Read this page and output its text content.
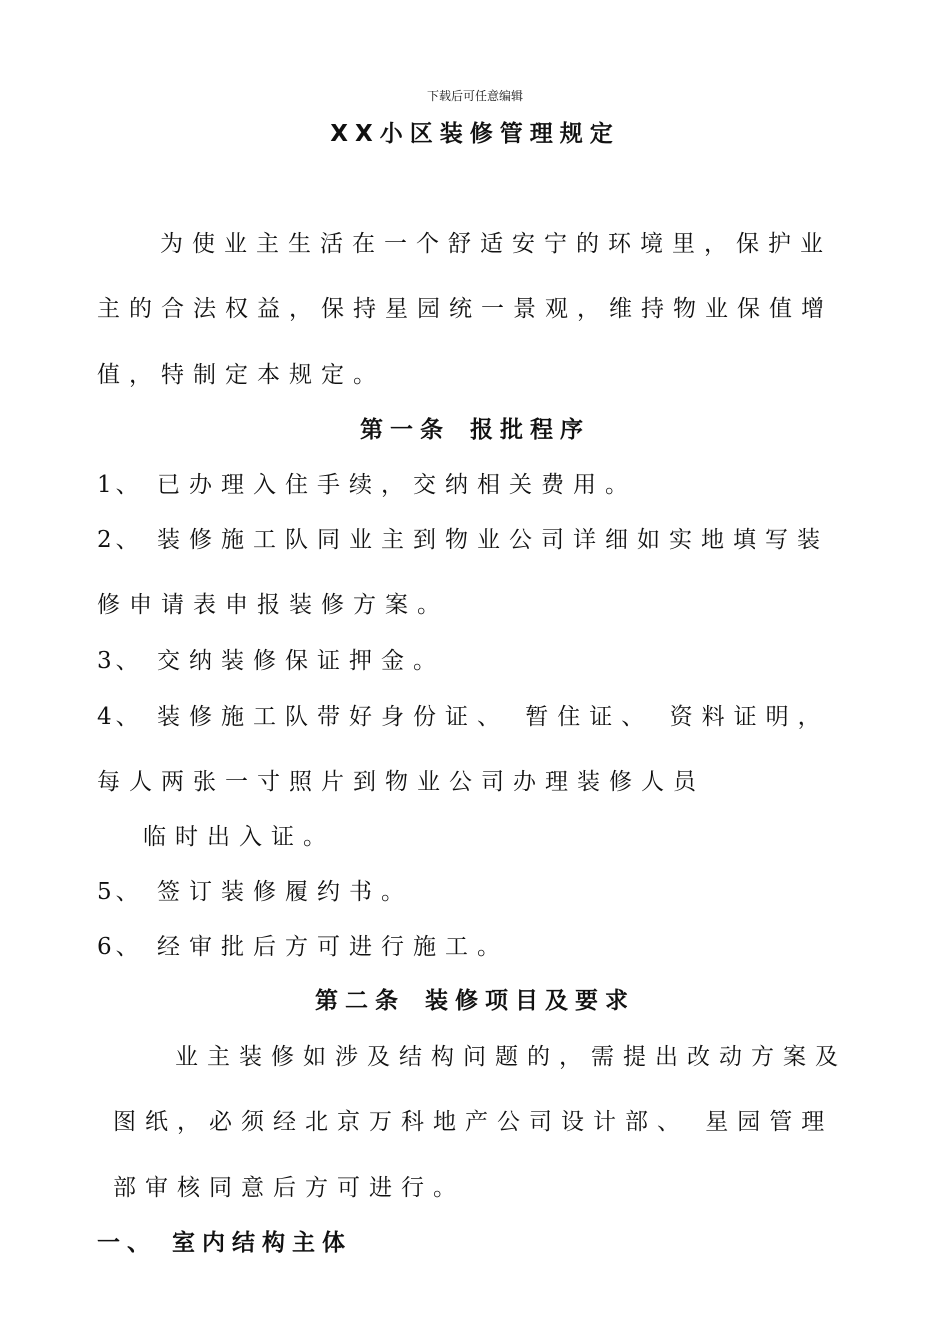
下载后可任意编辑
XX小区装修管理规定
为使业主生活在一个舒适安宁的环境里，保护业
主的合法权益，保持星园统一景观，维持物业保值增
值，特制定本规定。
第一条 报批程序
1、 已办理入住手续，交纳相关费用。
2、 装修施工队同业主到物业公司详细如实地填写装
修申请表申报装修方案。
3、 交纳装修保证押金。
4、 装修施工队带好身份证、 暂住证、 资料证明，
每人两张一寸照片到物业公司办理装修人员
临时出入证。
5、 签订装修履约书。
6、 经审批后方可进行施工。
第二条 装修项目及要求
业主装修如涉及结构问题的，需提出改动方案及
图纸，必须经北京万科地产公司设计部、 星园管理
部审核同意后方可进行。
一、 室内结构主体
